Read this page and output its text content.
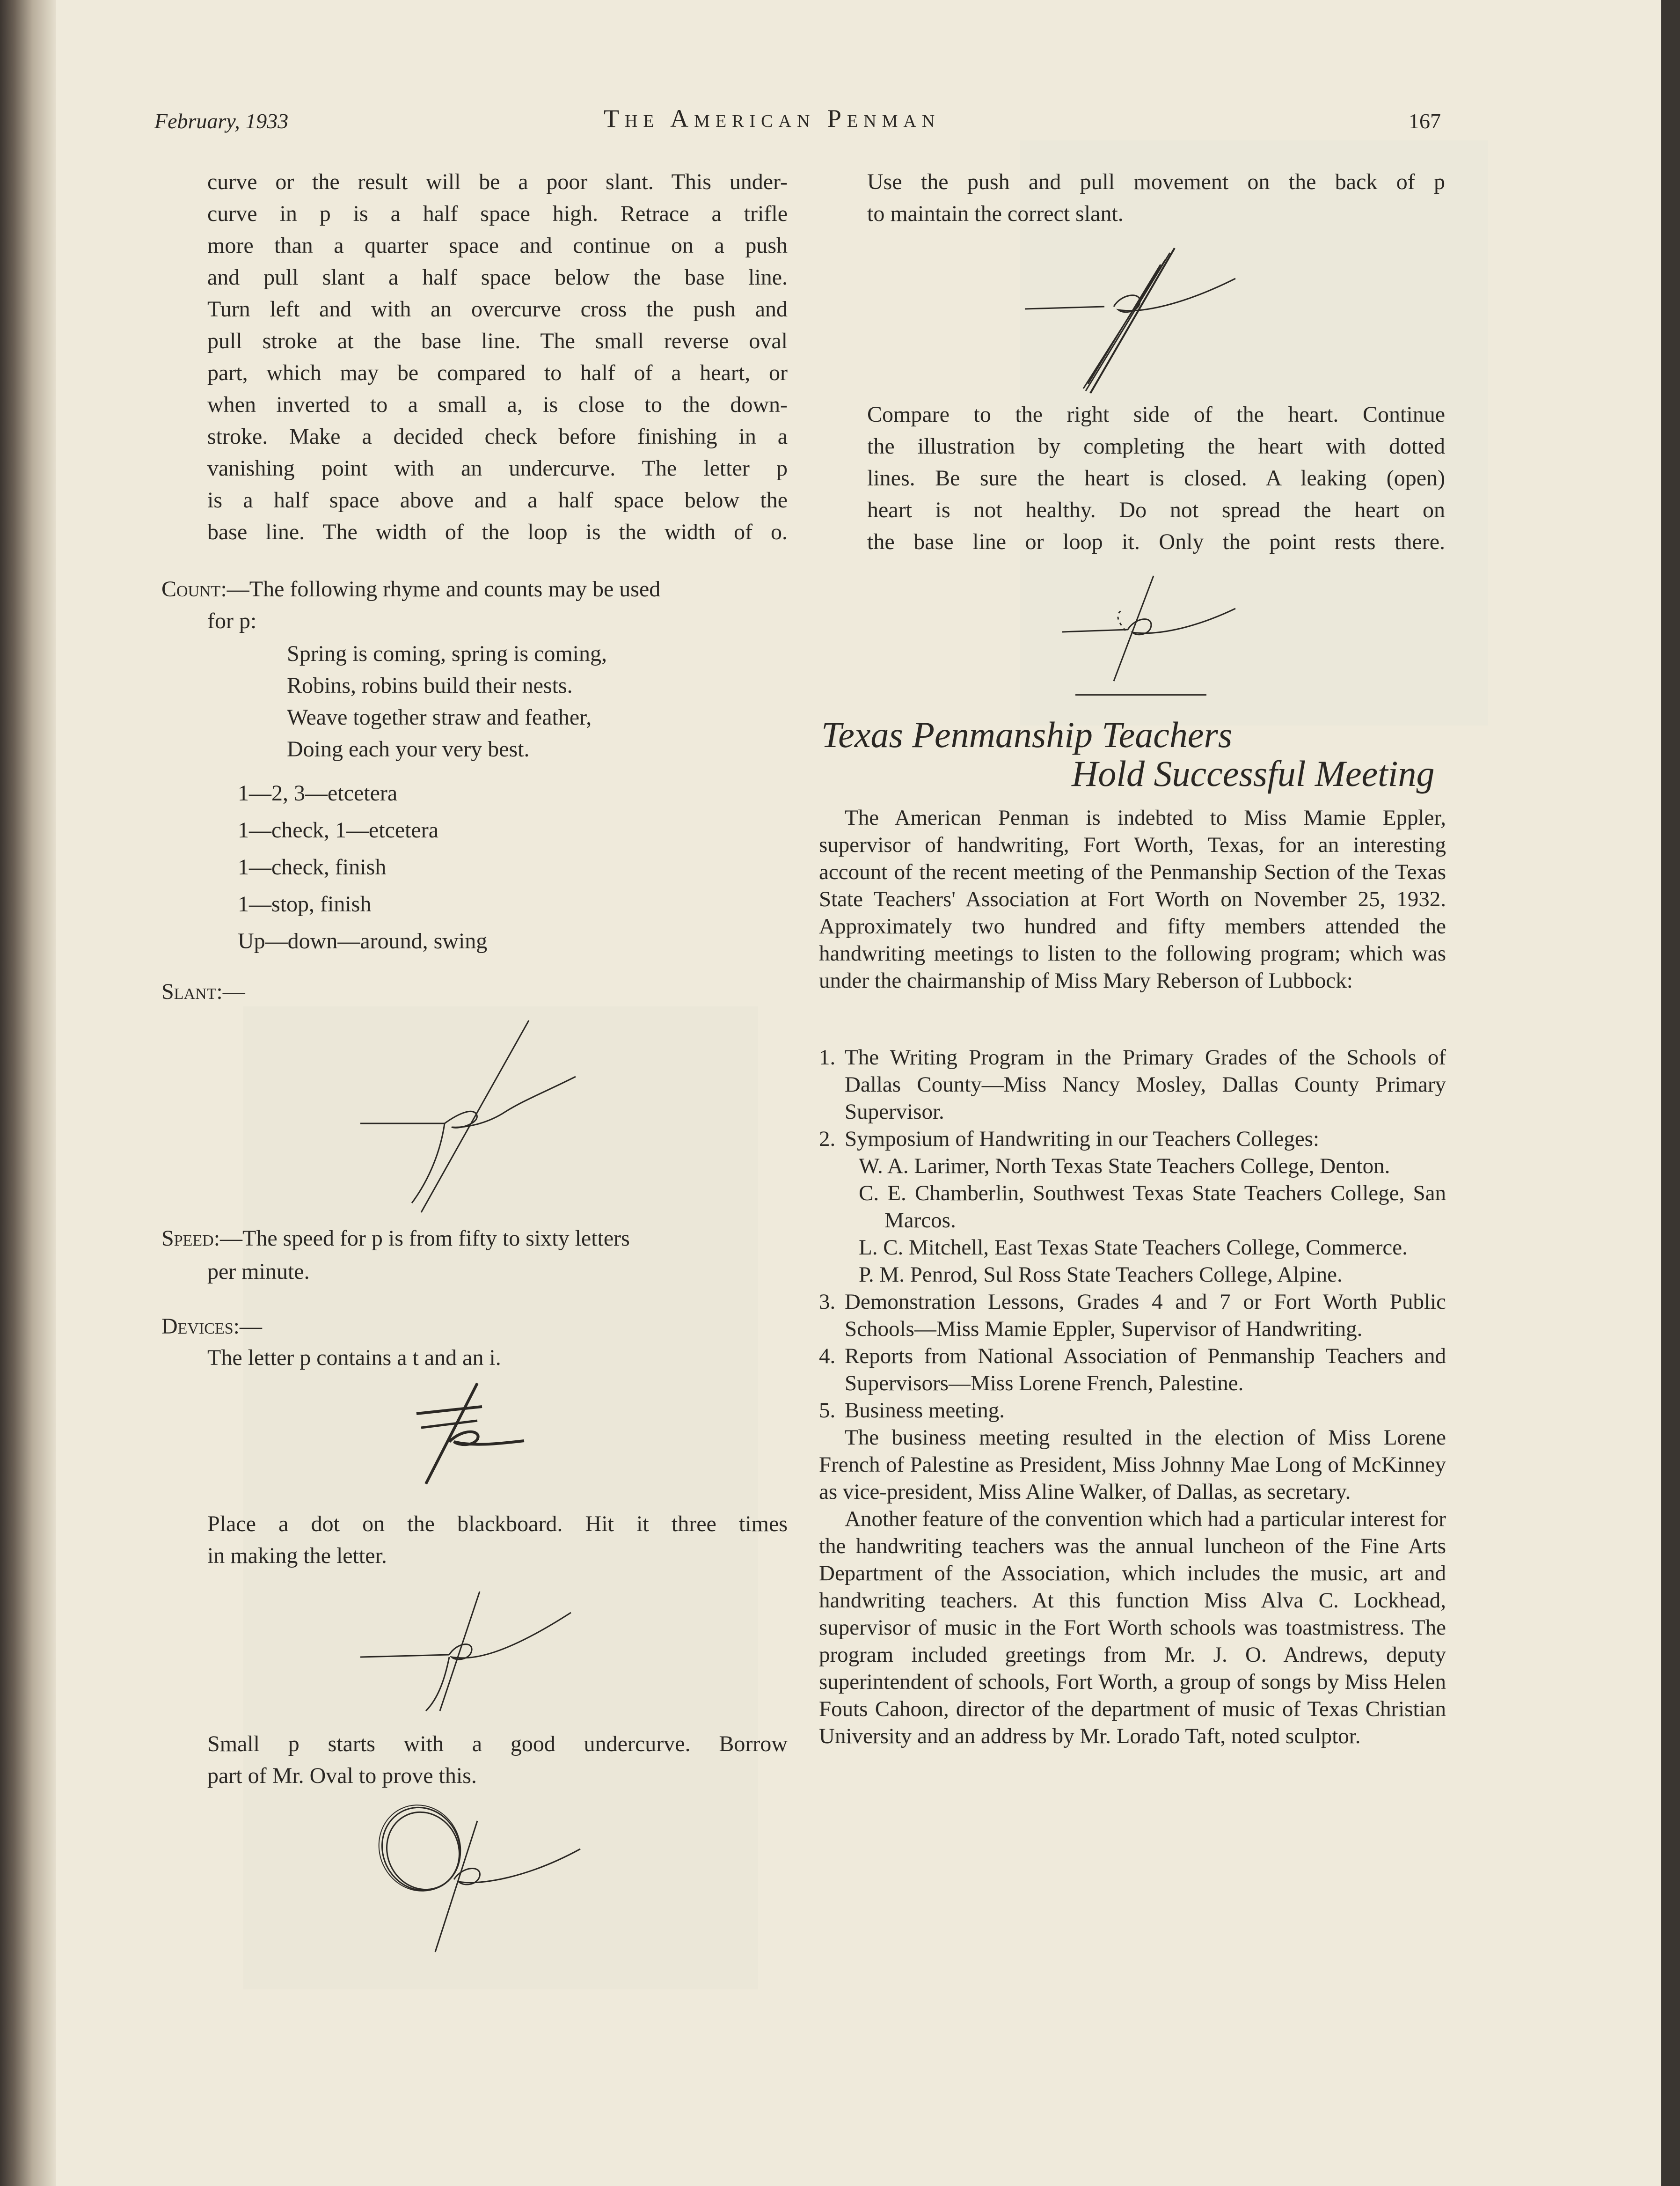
February, 1933	The American Penman	167

curve or the result will be a poor slant. This under-

curve in p is a half space high. Retrace a trifle

more than a quarter space and continue on a push

and pull slant a half space below the base line.

Turn left and with an overcurve cross the push and

pull stroke at the base line. The small reverse oval

part, which may be compared to half of a heart, or

when inverted to a small a, is close to the down-

stroke. Make a decided check before finishing in a

vanishing point with an undercurve. The letter p

is a half space above and a half space below the

base line. The width of the loop is the width of o.

Count:—The following rhyme and counts may be used
for p:
Spring is coming, spring is coming,
Robins, robins build their nests.
Weave together straw and feather,
Doing each your very best.
1—2, 3—etcetera
1—check, 1—etcetera
1—check, finish
1—stop, finish
Up—down—around, swing
Slant:—
Speed:—The speed for p is from fifty to sixty letters
per minute.
Devices:—
The letter p contains a t and an i.

Place a dot on the blackboard. Hit it three times

in making the letter.

Small p starts with a good undercurve. Borrow

part of Mr. Oval to prove this.

Use the push and pull movement on the back of p

to maintain the correct slant.

Compare to the right side of the heart. Continue

the illustration by completing the heart with dotted

lines. Be sure the heart is closed. A leaking (open)

heart is not healthy. Do not spread the heart on

the base line or loop it. Only the point rests there.

Texas Penmanship Teachers
Hold Successful Meeting

The American Penman is indebted to Miss Mamie Eppler, supervisor of handwriting, Fort Worth, Texas, for an interesting account of the recent meeting of the Penmanship Section of the Texas State Teachers' Association at Fort Worth on November 25, 1932. Approximately two hundred and fifty members attended the handwriting meetings to listen to the following program; which was under the chairmanship of Miss Mary Reberson of Lubbock:

1. The Writing Program in the Primary Grades of the Schools of Dallas County—Miss Nancy Mosley, Dallas County Primary Supervisor.

2. Symposium of Handwriting in our Teachers Colleges:

W. A. Larimer, North Texas State Teachers College, Denton.

C. E. Chamberlin, Southwest Texas State Teachers College, San Marcos.

L. C. Mitchell, East Texas State Teachers College, Commerce.

P. M. Penrod, Sul Ross State Teachers College, Alpine.

3. Demonstration Lessons, Grades 4 and 7 or Fort Worth Public Schools—Miss Mamie Eppler, Supervisor of Handwriting.

4. Reports from National Association of Penmanship Teachers and Supervisors—Miss Lorene French, Palestine.

5. Business meeting.

The business meeting resulted in the election of Miss Lorene French of Palestine as President, Miss Johnny Mae Long of McKinney as vice-president, Miss Aline Walker, of Dallas, as secretary.

Another feature of the convention which had a particular interest for the handwriting teachers was the annual luncheon of the Fine Arts Department of the Association, which includes the music, art and handwriting teachers. At this function Miss Alva C. Lockhead, supervisor of music in the Fort Worth schools was toastmistress. The program included greetings from Mr. J. O. Andrews, deputy superintendent of schools, Fort Worth, a group of songs by Miss Helen Fouts Cahoon, director of the department of music of Texas Christian University and an address by Mr. Lorado Taft, noted sculptor.
